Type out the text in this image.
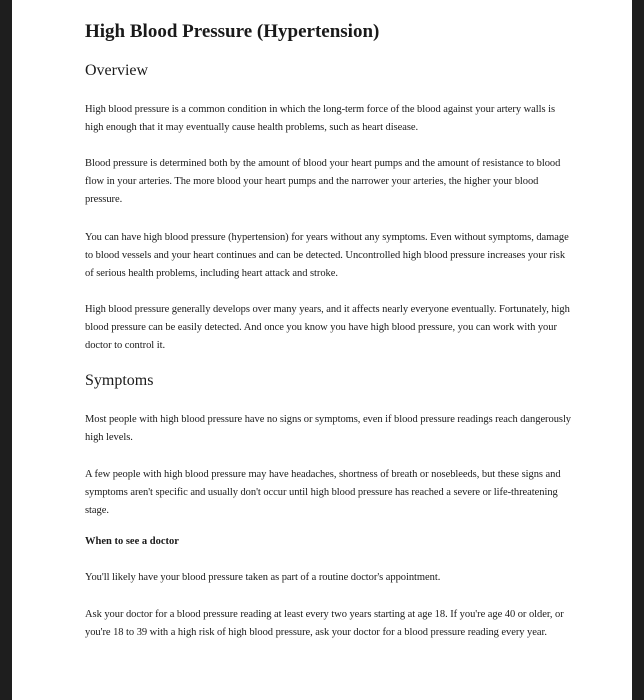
High Blood Pressure (Hypertension)
Overview

High blood pressure is a common condition in which the long-term force of the blood against your artery walls is high enough that it may eventually cause health problems, such as heart disease.

Blood pressure is determined both by the amount of blood your heart pumps and the amount of resistance to blood flow in your arteries. The more blood your heart pumps and the narrower your arteries, the higher your blood pressure.

You can have high blood pressure (hypertension) for years without any symptoms. Even without symptoms, damage to blood vessels and your heart continues and can be detected. Uncontrolled high blood pressure increases your risk of serious health problems, including heart attack and stroke.

High blood pressure generally develops over many years, and it affects nearly everyone eventually. Fortunately, high blood pressure can be easily detected. And once you know you have high blood pressure, you can work with your doctor to control it.

Symptoms

Most people with high blood pressure have no signs or symptoms, even if blood pressure readings reach dangerously high levels.

A few people with high blood pressure may have headaches, shortness of breath or nosebleeds, but these signs and symptoms aren't specific and usually don't occur until high blood pressure has reached a severe or life-threatening stage.

When to see a doctor

You'll likely have your blood pressure taken as part of a routine doctor's appointment.

Ask your doctor for a blood pressure reading at least every two years starting at age 18. If you're age 40 or older, or you're 18 to 39 with a high risk of high blood pressure, ask your doctor for a blood pressure reading every year.
